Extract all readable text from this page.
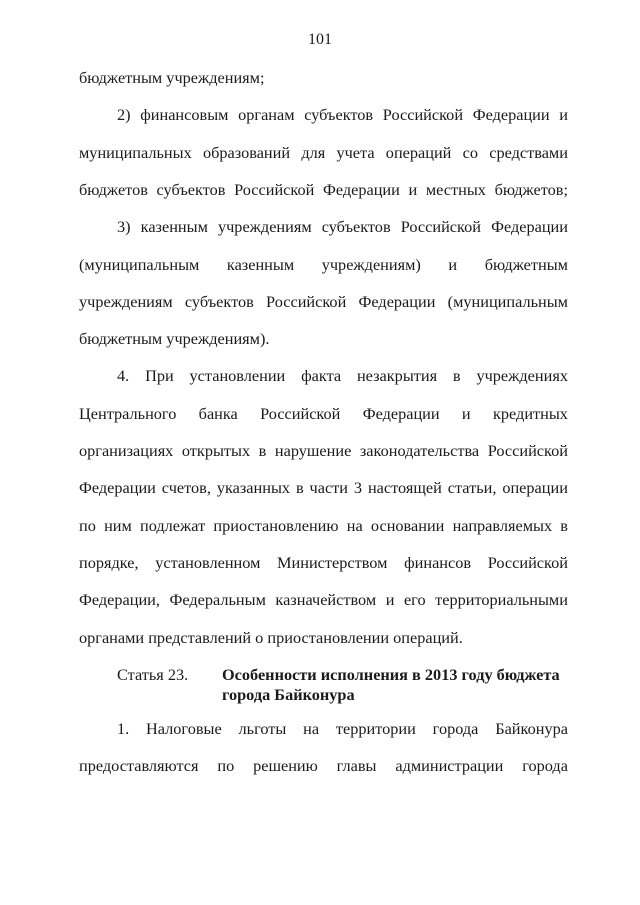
101
бюджетным учреждениям;
2) финансовым органам субъектов Российской Федерации и
муниципальных образований для учета операций со средствами
бюджетов субъектов Российской Федерации и местных бюджетов;
3) казенным учреждениям субъектов Российской Федерации
(муниципальным казенным учреждениям) и бюджетным
учреждениям субъектов Российской Федерации (муниципальным
бюджетным учреждениям).
4. При установлении факта незакрытия в учреждениях
Центрального банка Российской Федерации и кредитных
организациях открытых в нарушение законодательства Российской
Федерации счетов, указанных в части 3 настоящей статьи, операции
по ним подлежат приостановлению на основании направляемых в
порядке, установленном Министерством финансов Российской
Федерации, Федеральным казначейством и его территориальными
органами представлений о приостановлении операций.
Статья 23. Особенности исполнения в 2013 году бюджета
города Байконура
1. Налоговые льготы на территории города Байконура
предоставляются по решению главы администрации города
